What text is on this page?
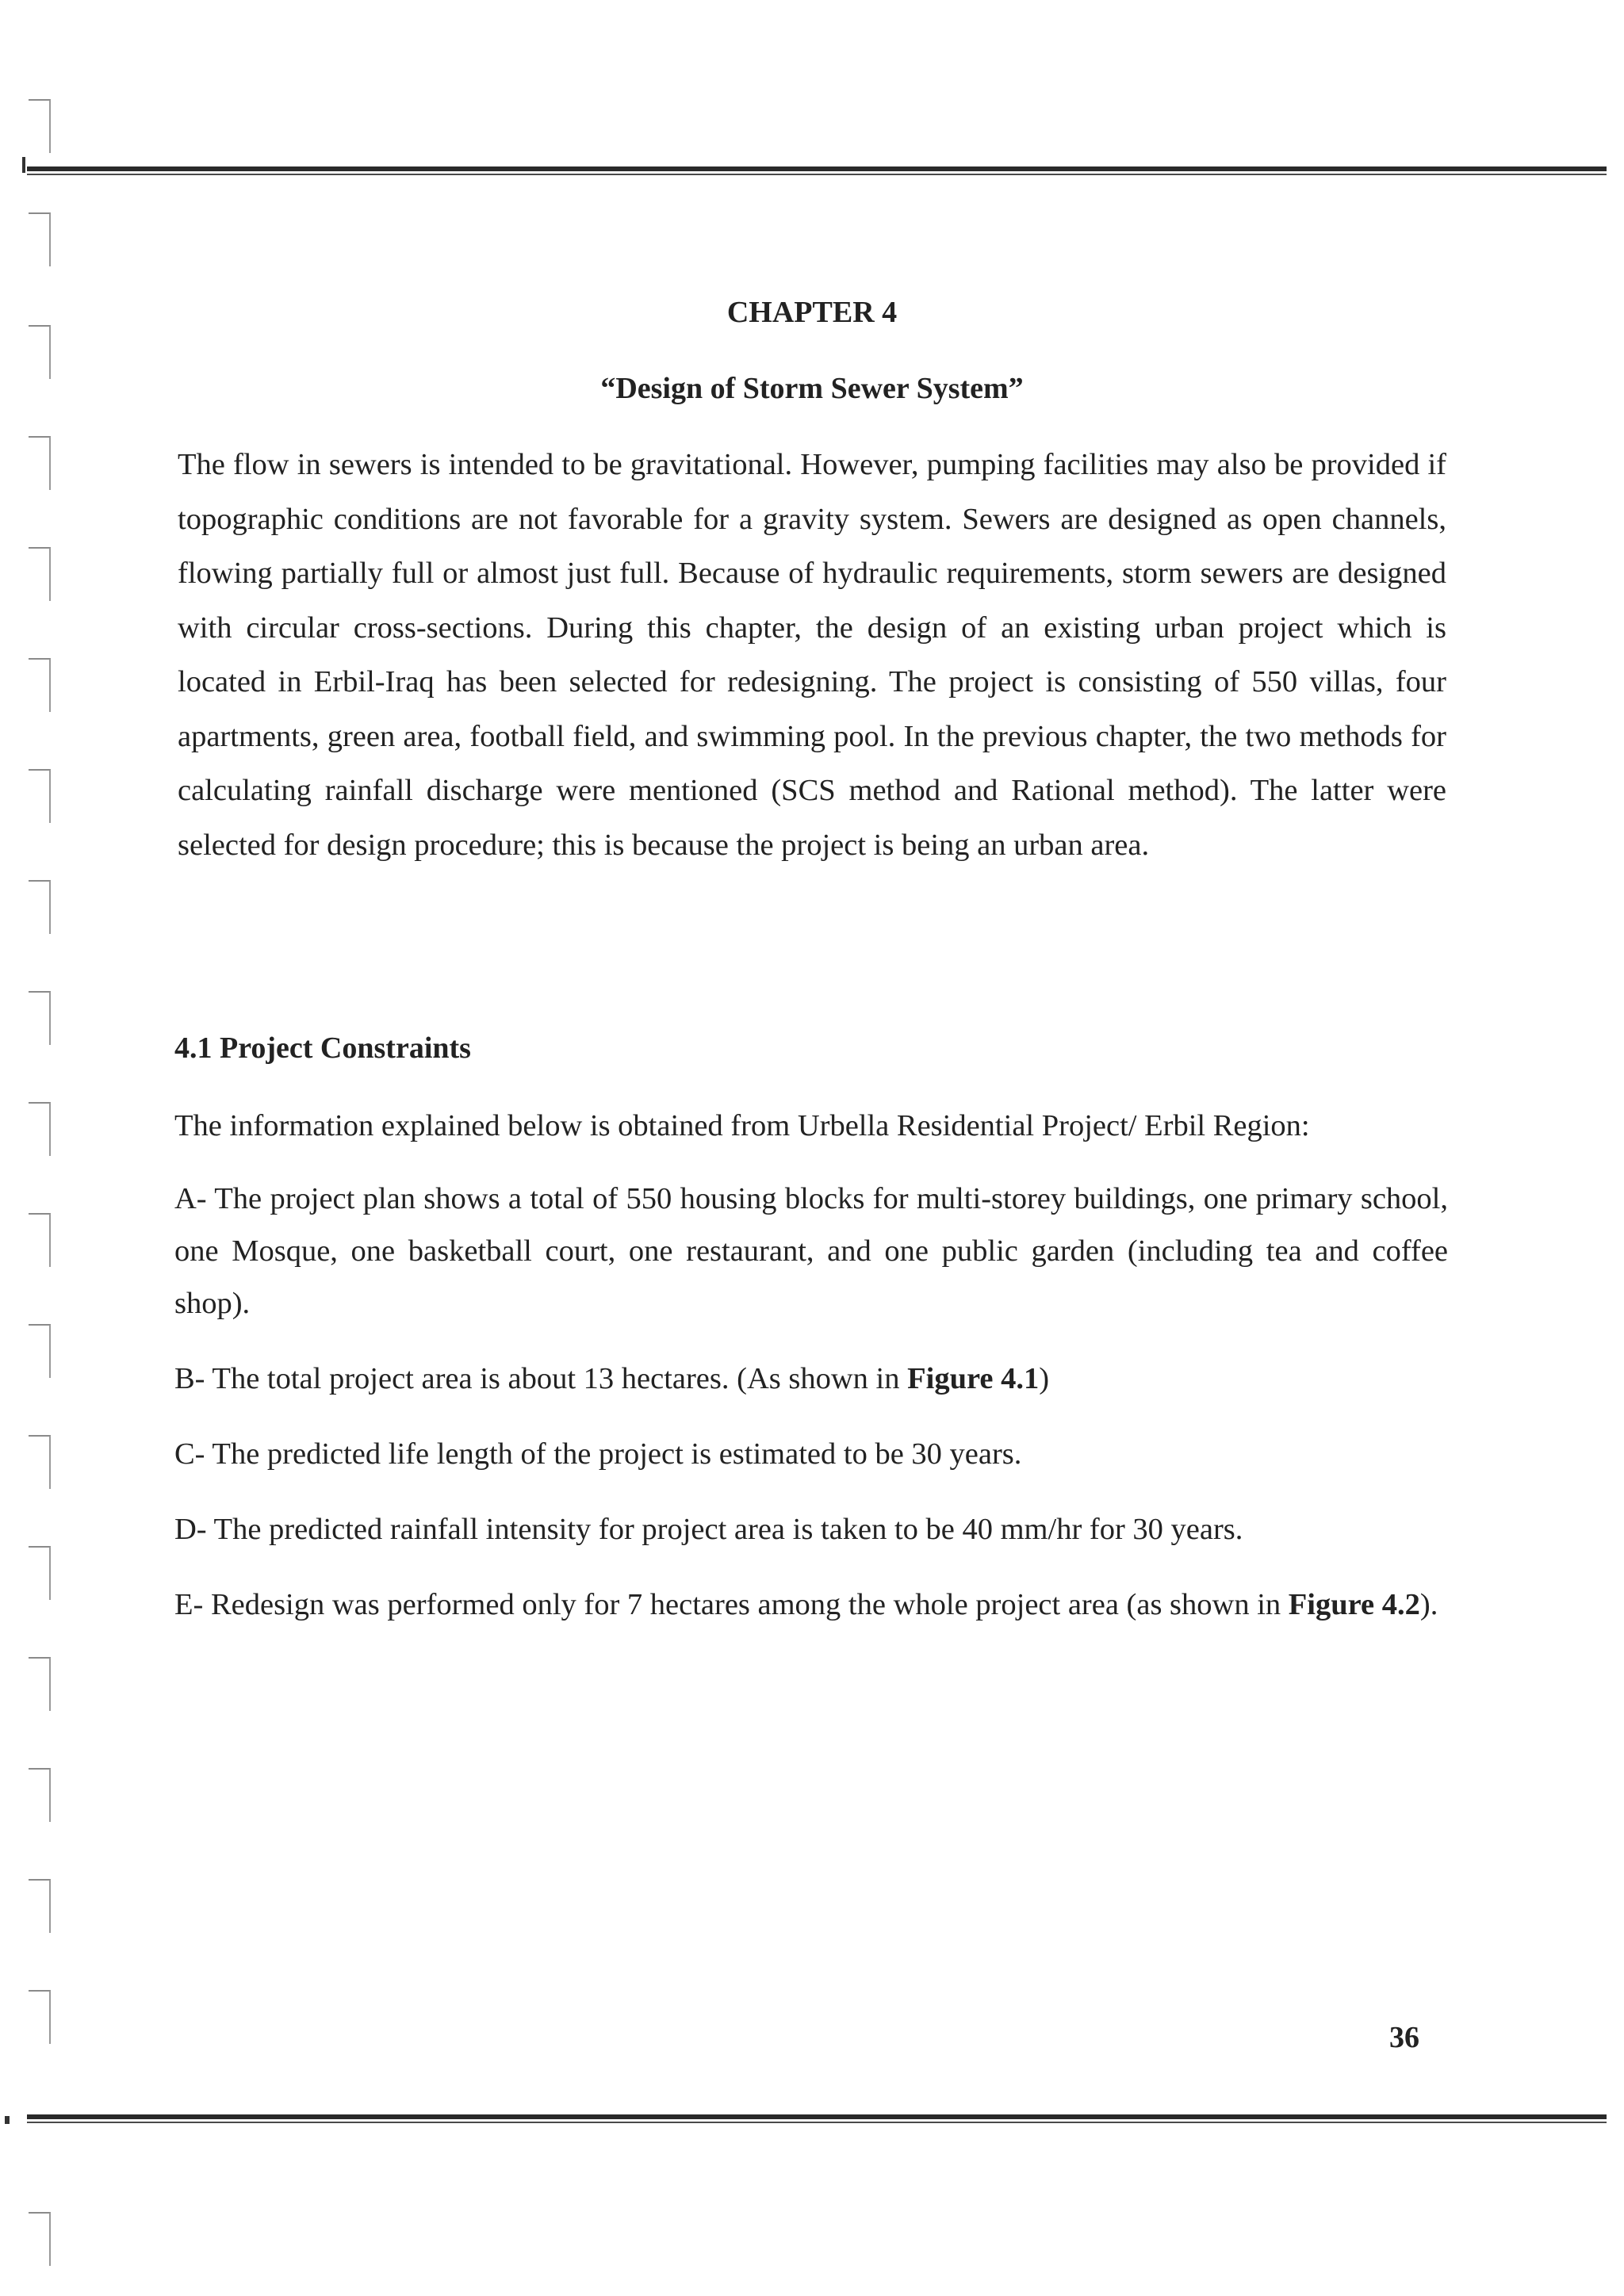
CHAPTER 4
“Design of Storm Sewer System”

The flow in sewers is intended to be gravitational. However, pumping facilities may also be provided if topographic conditions are not favorable for a gravity system. Sewers are designed as open channels, flowing partially full or almost just full. Because of hydraulic requirements, storm sewers are designed with circular cross-sections. During this chapter, the design of an existing urban project which is located in Erbil-Iraq has been selected for redesigning. The project is consisting of 550 villas, four apartments, green area, football field, and swimming pool. In the previous chapter, the two methods for calculating rainfall discharge were mentioned (SCS method and Rational method). The latter were selected for design procedure; this is because the project is being an urban area.

4.1 Project Constraints

The information explained below is obtained from Urbella Residential Project/ Erbil Region:

A- The project plan shows a total of 550 housing blocks for multi-storey buildings, one primary school, one Mosque, one basketball court, one restaurant, and one public garden (including tea and coffee shop).

B- The total project area is about 13 hectares. (As shown in Figure 4.1)

C- The predicted life length of the project is estimated to be 30 years.

D- The predicted rainfall intensity for project area is taken to be 40 mm/hr for 30 years.

E- Redesign was performed only for 7 hectares among the whole project area (as shown in Figure 4.2).

36
